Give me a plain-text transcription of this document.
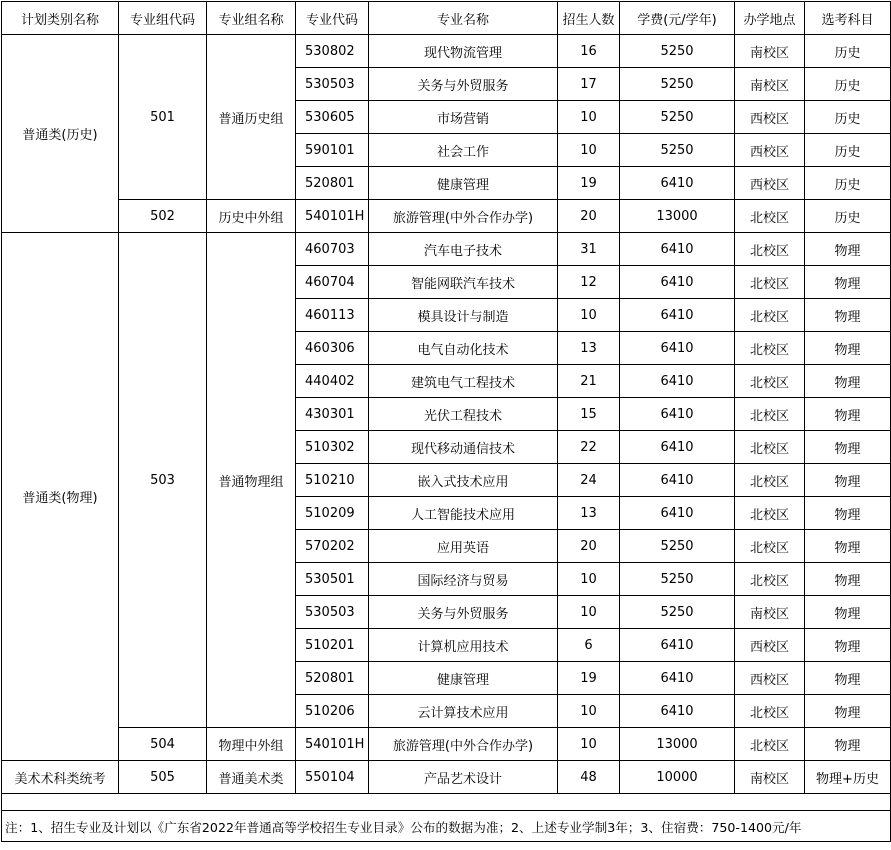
计划类别名称	专业组代码	专业组名称	专业代码	专业名称	招生人数	学费(元/学年)	办学地点	选考科目
普通类(历史)	501	普通历史组	530802	现代物流管理	16	5250	南校区	历史
			530503	关务与外贸服务	17	5250	南校区	历史
			530605	市场营销	10	5250	西校区	历史
			590101	社会工作	10	5250	西校区	历史
			520801	健康管理	19	6410	西校区	历史
	502	历史中外组	540101H	旅游管理(中外合作办学)	20	13000	北校区	历史
普通类(物理)	503	普通物理组	460703	汽车电子技术	31	6410	北校区	物理
			460704	智能网联汽车技术	12	6410	北校区	物理
			460113	模具设计与制造	10	6410	北校区	物理
			460306	电气自动化技术	13	6410	北校区	物理
			440402	建筑电气工程技术	21	6410	北校区	物理
			430301	光伏工程技术	15	6410	北校区	物理
			510302	现代移动通信技术	22	6410	北校区	物理
			510210	嵌入式技术应用	24	6410	北校区	物理
			510209	人工智能技术应用	13	6410	北校区	物理
			570202	应用英语	20	5250	北校区	物理
			530501	国际经济与贸易	10	5250	北校区	物理
			530503	关务与外贸服务	10	5250	南校区	物理
			510201	计算机应用技术	6	6410	西校区	物理
			520801	健康管理	19	6410	西校区	物理
			510206	云计算技术应用	10	6410	北校区	物理
	504	物理中外组	540101H	旅游管理(中外合作办学)	10	13000	北校区	物理
美术术科类统考	505	普通美术类	550104	产品艺术设计	48	10000	南校区	物理+历史

注：1、招生专业及计划以《广东省2022年普通高等学校招生专业目录》公布的数据为准；2、上述专业学制3年；3、住宿费：750-1400元/年								
